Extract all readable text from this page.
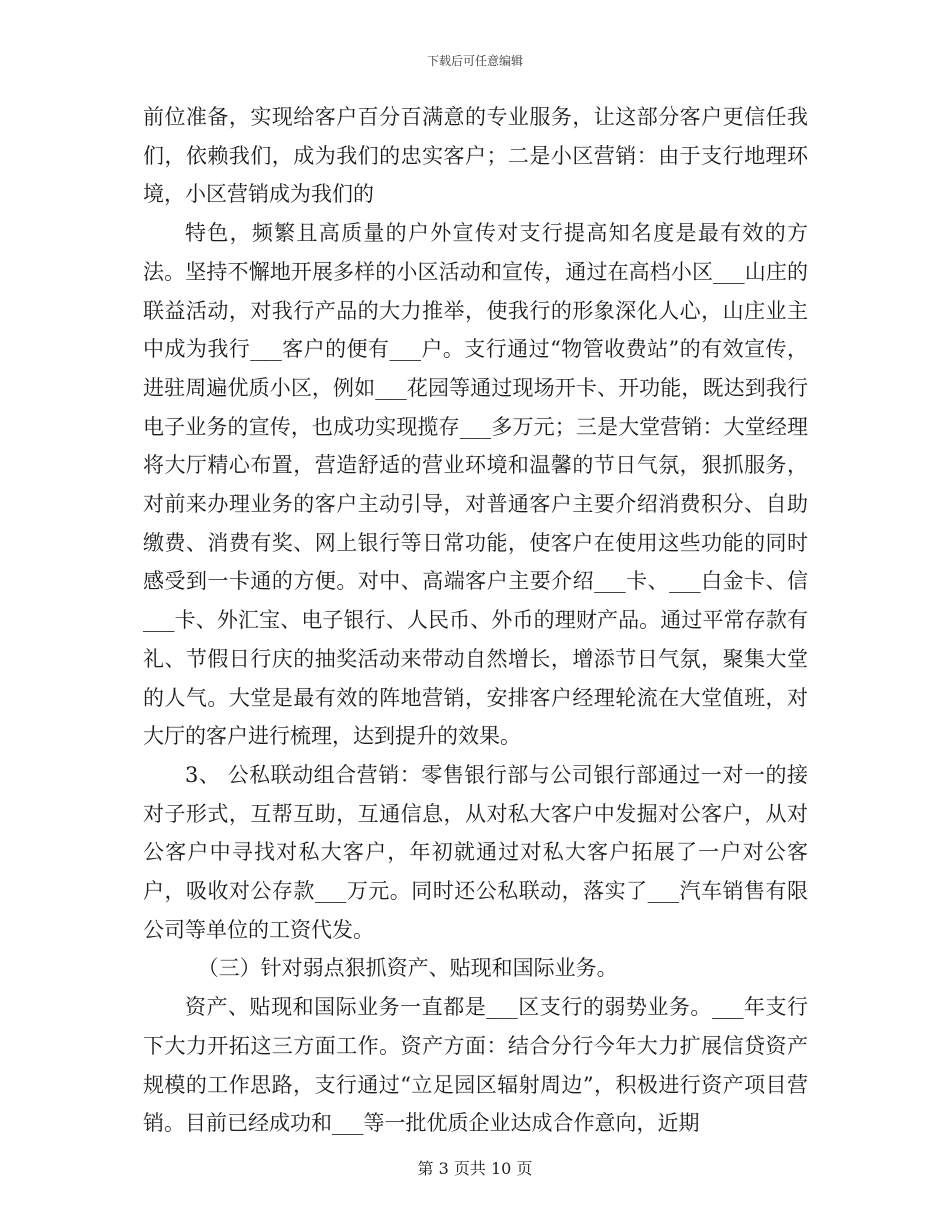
下载后可任意编辑

前位准备，实现给客户百分百满意的专业服务，让这部分客户更信任我们，依赖我们，成为我们的忠实客户；二是小区营销：由于支行地理环境，小区营销成为我们的

特色，频繁且高质量的户外宣传对支行提高知名度是最有效的方法。坚持不懈地开展多样的小区活动和宣传，通过在高档小区___山庄的联益活动，对我行产品的大力推举，使我行的形象深化人心，山庄业主中成为我行___客户的便有___户。支行通过“物管收费站”的有效宣传，进驻周遍优质小区，例如___花园等通过现场开卡、开功能，既达到我行电子业务的宣传，也成功实现揽存___多万元；三是大堂营销：大堂经理将大厅精心布置，营造舒适的营业环境和温馨的节日气氛，狠抓服务，对前来办理业务的客户主动引导，对普通客户主要介绍消费积分、自助缴费、消费有奖、网上银行等日常功能，使客户在使用这些功能的同时感受到一卡通的方便。对中、高端客户主要介绍___卡、___白金卡、信___卡、外汇宝、电子银行、人民币、外币的理财产品。通过平常存款有礼、节假日行庆的抽奖活动来带动自然增长，增添节日气氛，聚集大堂的人气。大堂是最有效的阵地营销，安排客户经理轮流在大堂值班，对大厅的客户进行梳理，达到提升的效果。

3、 公私联动组合营销：零售银行部与公司银行部通过一对一的接对子形式，互帮互助，互通信息，从对私大客户中发掘对公客户，从对公客户中寻找对私大客户，年初就通过对私大客户拓展了一户对公客户，吸收对公存款___万元。同时还公私联动，落实了___汽车销售有限公司等单位的工资代发。

（三）针对弱点狠抓资产、贴现和国际业务。

资产、贴现和国际业务一直都是___区支行的弱势业务。___年支行下大力开拓这三方面工作。资产方面：结合分行今年大力扩展信贷资产规模的工作思路，支行通过“立足园区辐射周边”，积极进行资产项目营销。目前已经成功和___等一批优质企业达成合作意向，近期

第 3 页共 10 页
